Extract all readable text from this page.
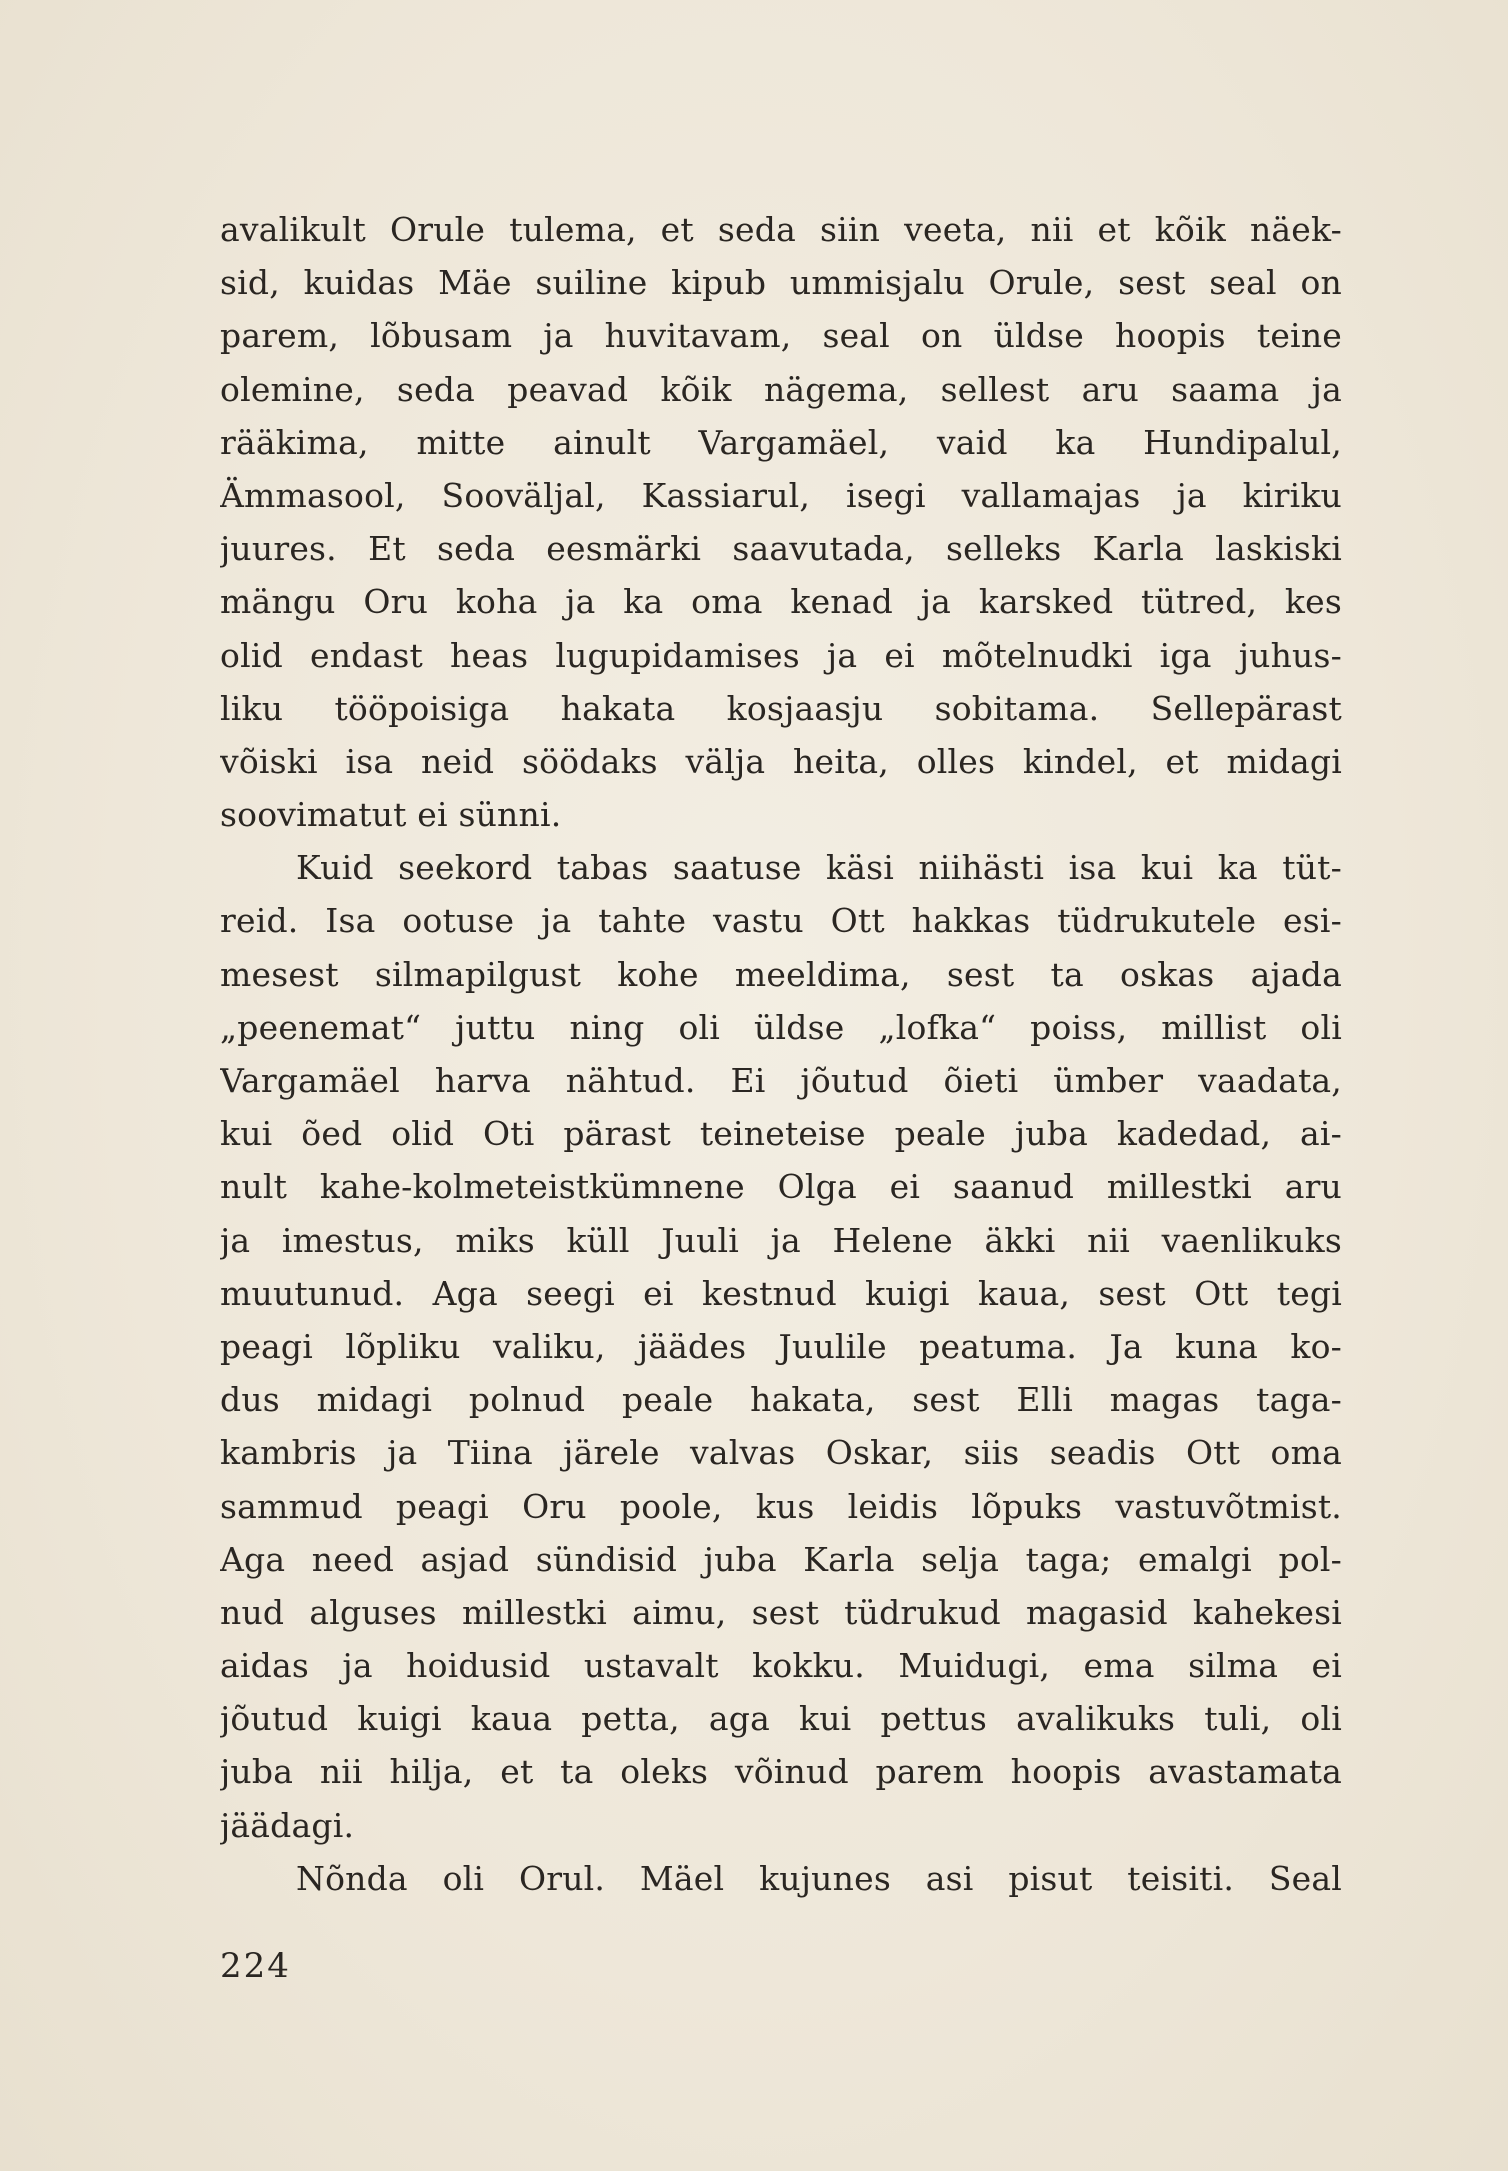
avalikult Orule tulema, et seda siin veeta, nii et kõik näek-
sid, kuidas Mäe suiline kipub ummisjalu Orule, sest seal on
parem, lõbusam ja huvitavam, seal on üldse hoopis teine
olemine, seda peavad kõik nägema, sellest aru saama ja
rääkima, mitte ainult Vargamäel, vaid ka Hundipalul,
Ämmasool, Sooväljal, Kassiarul, isegi vallamajas ja kiriku
juures. Et seda eesmärki saavutada, selleks Karla laskiski
mängu Oru koha ja ka oma kenad ja karsked tütred, kes
olid endast heas lugupidamises ja ei mõtelnudki iga juhus-
liku tööpoisiga hakata kosjaasju sobitama. Sellepärast
võiski isa neid söödaks välja heita, olles kindel, et midagi
soovimatut ei sünni.
Kuid seekord tabas saatuse käsi niihästi isa kui ka tüt-
reid. Isa ootuse ja tahte vastu Ott hakkas tüdrukutele esi-
mesest silmapilgust kohe meeldima, sest ta oskas ajada
„peenemat“ juttu ning oli üldse „lofka“ poiss, millist oli
Vargamäel harva nähtud. Ei jõutud õieti ümber vaadata,
kui õed olid Oti pärast teineteise peale juba kadedad, ai-
nult kahe-kolmeteistkümnene Olga ei saanud millestki aru
ja imestus, miks küll Juuli ja Helene äkki nii vaenlikuks
muutunud. Aga seegi ei kestnud kuigi kaua, sest Ott tegi
peagi lõpliku valiku, jäädes Juulile peatuma. Ja kuna ko-
dus midagi polnud peale hakata, sest Elli magas taga-
kambris ja Tiina järele valvas Oskar, siis seadis Ott oma
sammud peagi Oru poole, kus leidis lõpuks vastuvõtmist.
Aga need asjad sündisid juba Karla selja taga; emalgi pol-
nud alguses millestki aimu, sest tüdrukud magasid kahekesi
aidas ja hoidusid ustavalt kokku. Muidugi, ema silma ei
jõutud kuigi kaua petta, aga kui pettus avalikuks tuli, oli
juba nii hilja, et ta oleks võinud parem hoopis avastamata
jäädagi.
Nõnda oli Orul. Mäel kujunes asi pisut teisiti. Seal
224
